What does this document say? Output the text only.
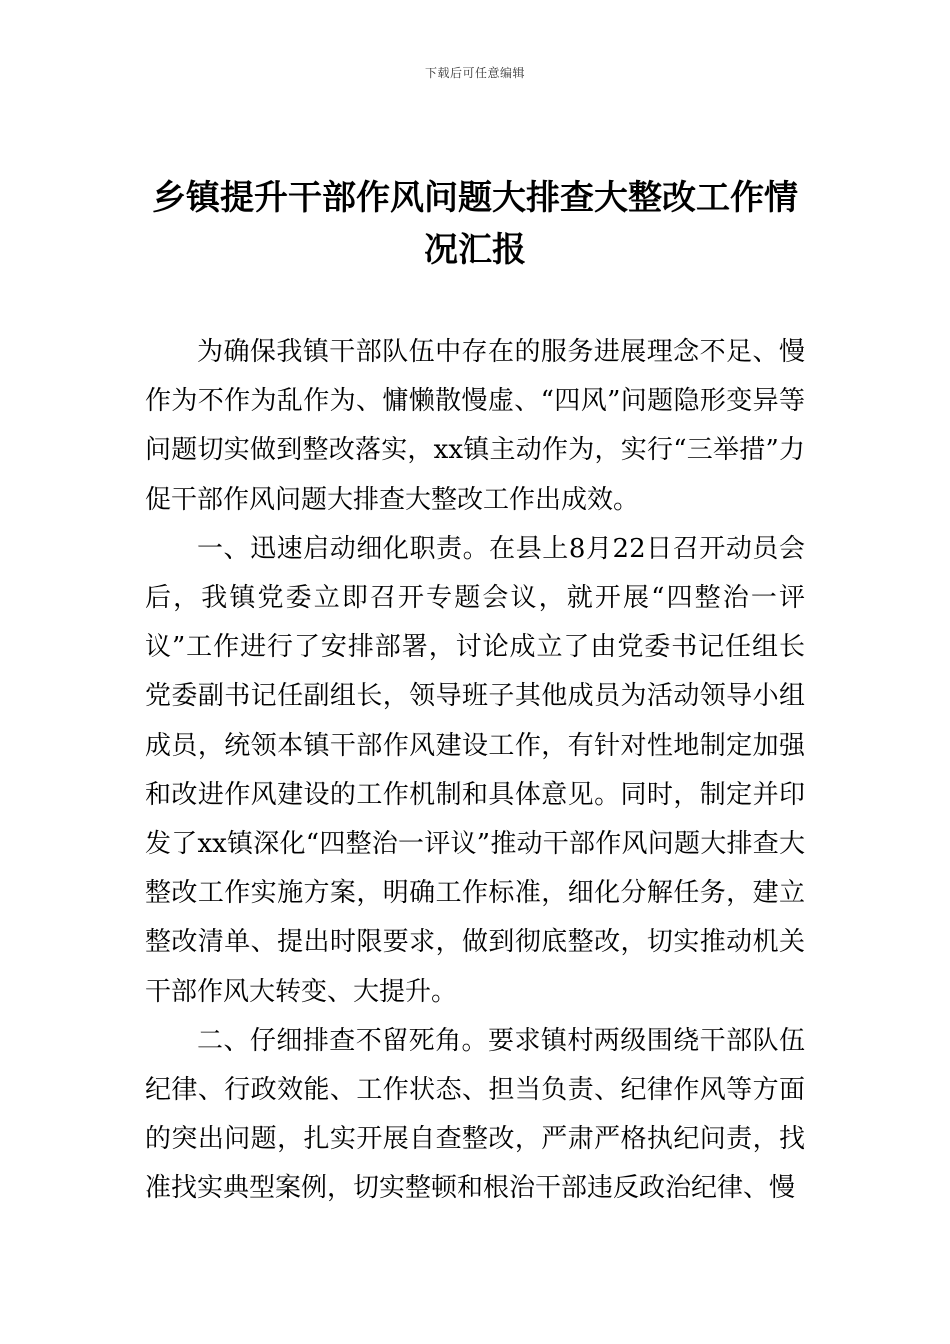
下载后可任意编辑
乡镇提升干部作风问题大排查大整改工作情况汇报

为确保我镇干部队伍中存在的服务进展理念不足、慢作为不作为乱作为、慵懒散慢虚、“四风”问题隐形变异等问题切实做到整改落实，xx镇主动作为，实行“三举措”力促干部作风问题大排查大整改工作出成效。

一、迅速启动细化职责。在县上8月22日召开动员会后，我镇党委立即召开专题会议，就开展“四整治一评议”工作进行了安排部署，讨论成立了由党委书记任组长党委副书记任副组长，领导班子其他成员为活动领导小组成员，统领本镇干部作风建设工作，有针对性地制定加强和改进作风建设的工作机制和具体意见。同时，制定并印发了xx镇深化“四整治一评议”推动干部作风问题大排查大整改工作实施方案，明确工作标准，细化分解任务，建立整改清单、提出时限要求，做到彻底整改，切实推动机关干部作风大转变、大提升。

二、仔细排查不留死角。要求镇村两级围绕干部队伍纪律、行政效能、工作状态、担当负责、纪律作风等方面的突出问题，扎实开展自查整改，严肃严格执纪问责，找准找实典型案例，切实整顿和根治干部违反政治纪律、慢
